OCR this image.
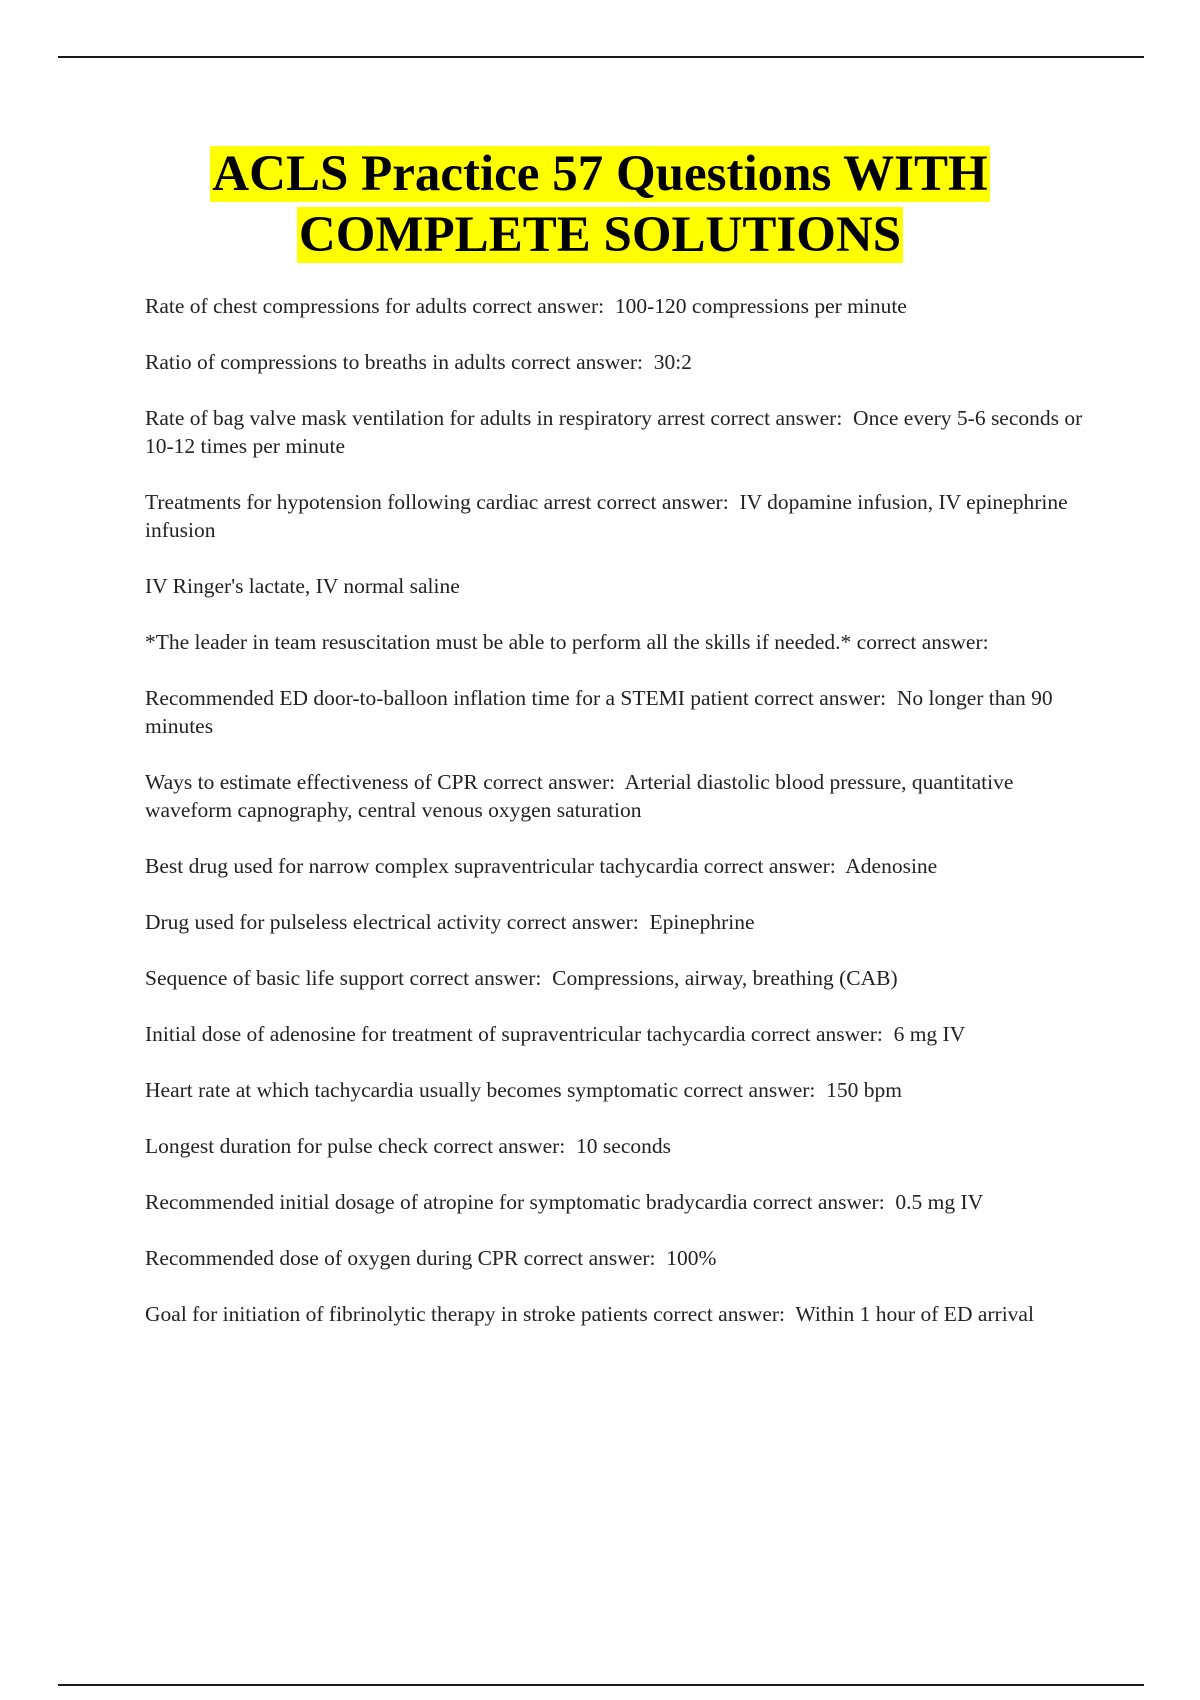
ACLS Practice 57 Questions WITH
COMPLETE SOLUTIONS

Rate of chest compressions for adults correct answer:  100-120 compressions per minute

Ratio of compressions to breaths in adults correct answer:  30:2

Rate of bag valve mask ventilation for adults in respiratory arrest correct answer:  Once every 5-6 seconds or 10-12 times per minute

Treatments for hypotension following cardiac arrest correct answer:  IV dopamine infusion, IV epinephrine infusion

IV Ringer's lactate, IV normal saline

*The leader in team resuscitation must be able to perform all the skills if needed.* correct answer:

Recommended ED door-to-balloon inflation time for a STEMI patient correct answer:  No longer than 90 minutes

Ways to estimate effectiveness of CPR correct answer:  Arterial diastolic blood pressure, quantitative waveform capnography, central venous oxygen saturation

Best drug used for narrow complex supraventricular tachycardia correct answer:  Adenosine

Drug used for pulseless electrical activity correct answer:  Epinephrine

Sequence of basic life support correct answer:  Compressions, airway, breathing (CAB)

Initial dose of adenosine for treatment of supraventricular tachycardia correct answer:  6 mg IV

Heart rate at which tachycardia usually becomes symptomatic correct answer:  150 bpm

Longest duration for pulse check correct answer:  10 seconds

Recommended initial dosage of atropine for symptomatic bradycardia correct answer:  0.5 mg IV

Recommended dose of oxygen during CPR correct answer:  100%

Goal for initiation of fibrinolytic therapy in stroke patients correct answer:  Within 1 hour of ED arrival
